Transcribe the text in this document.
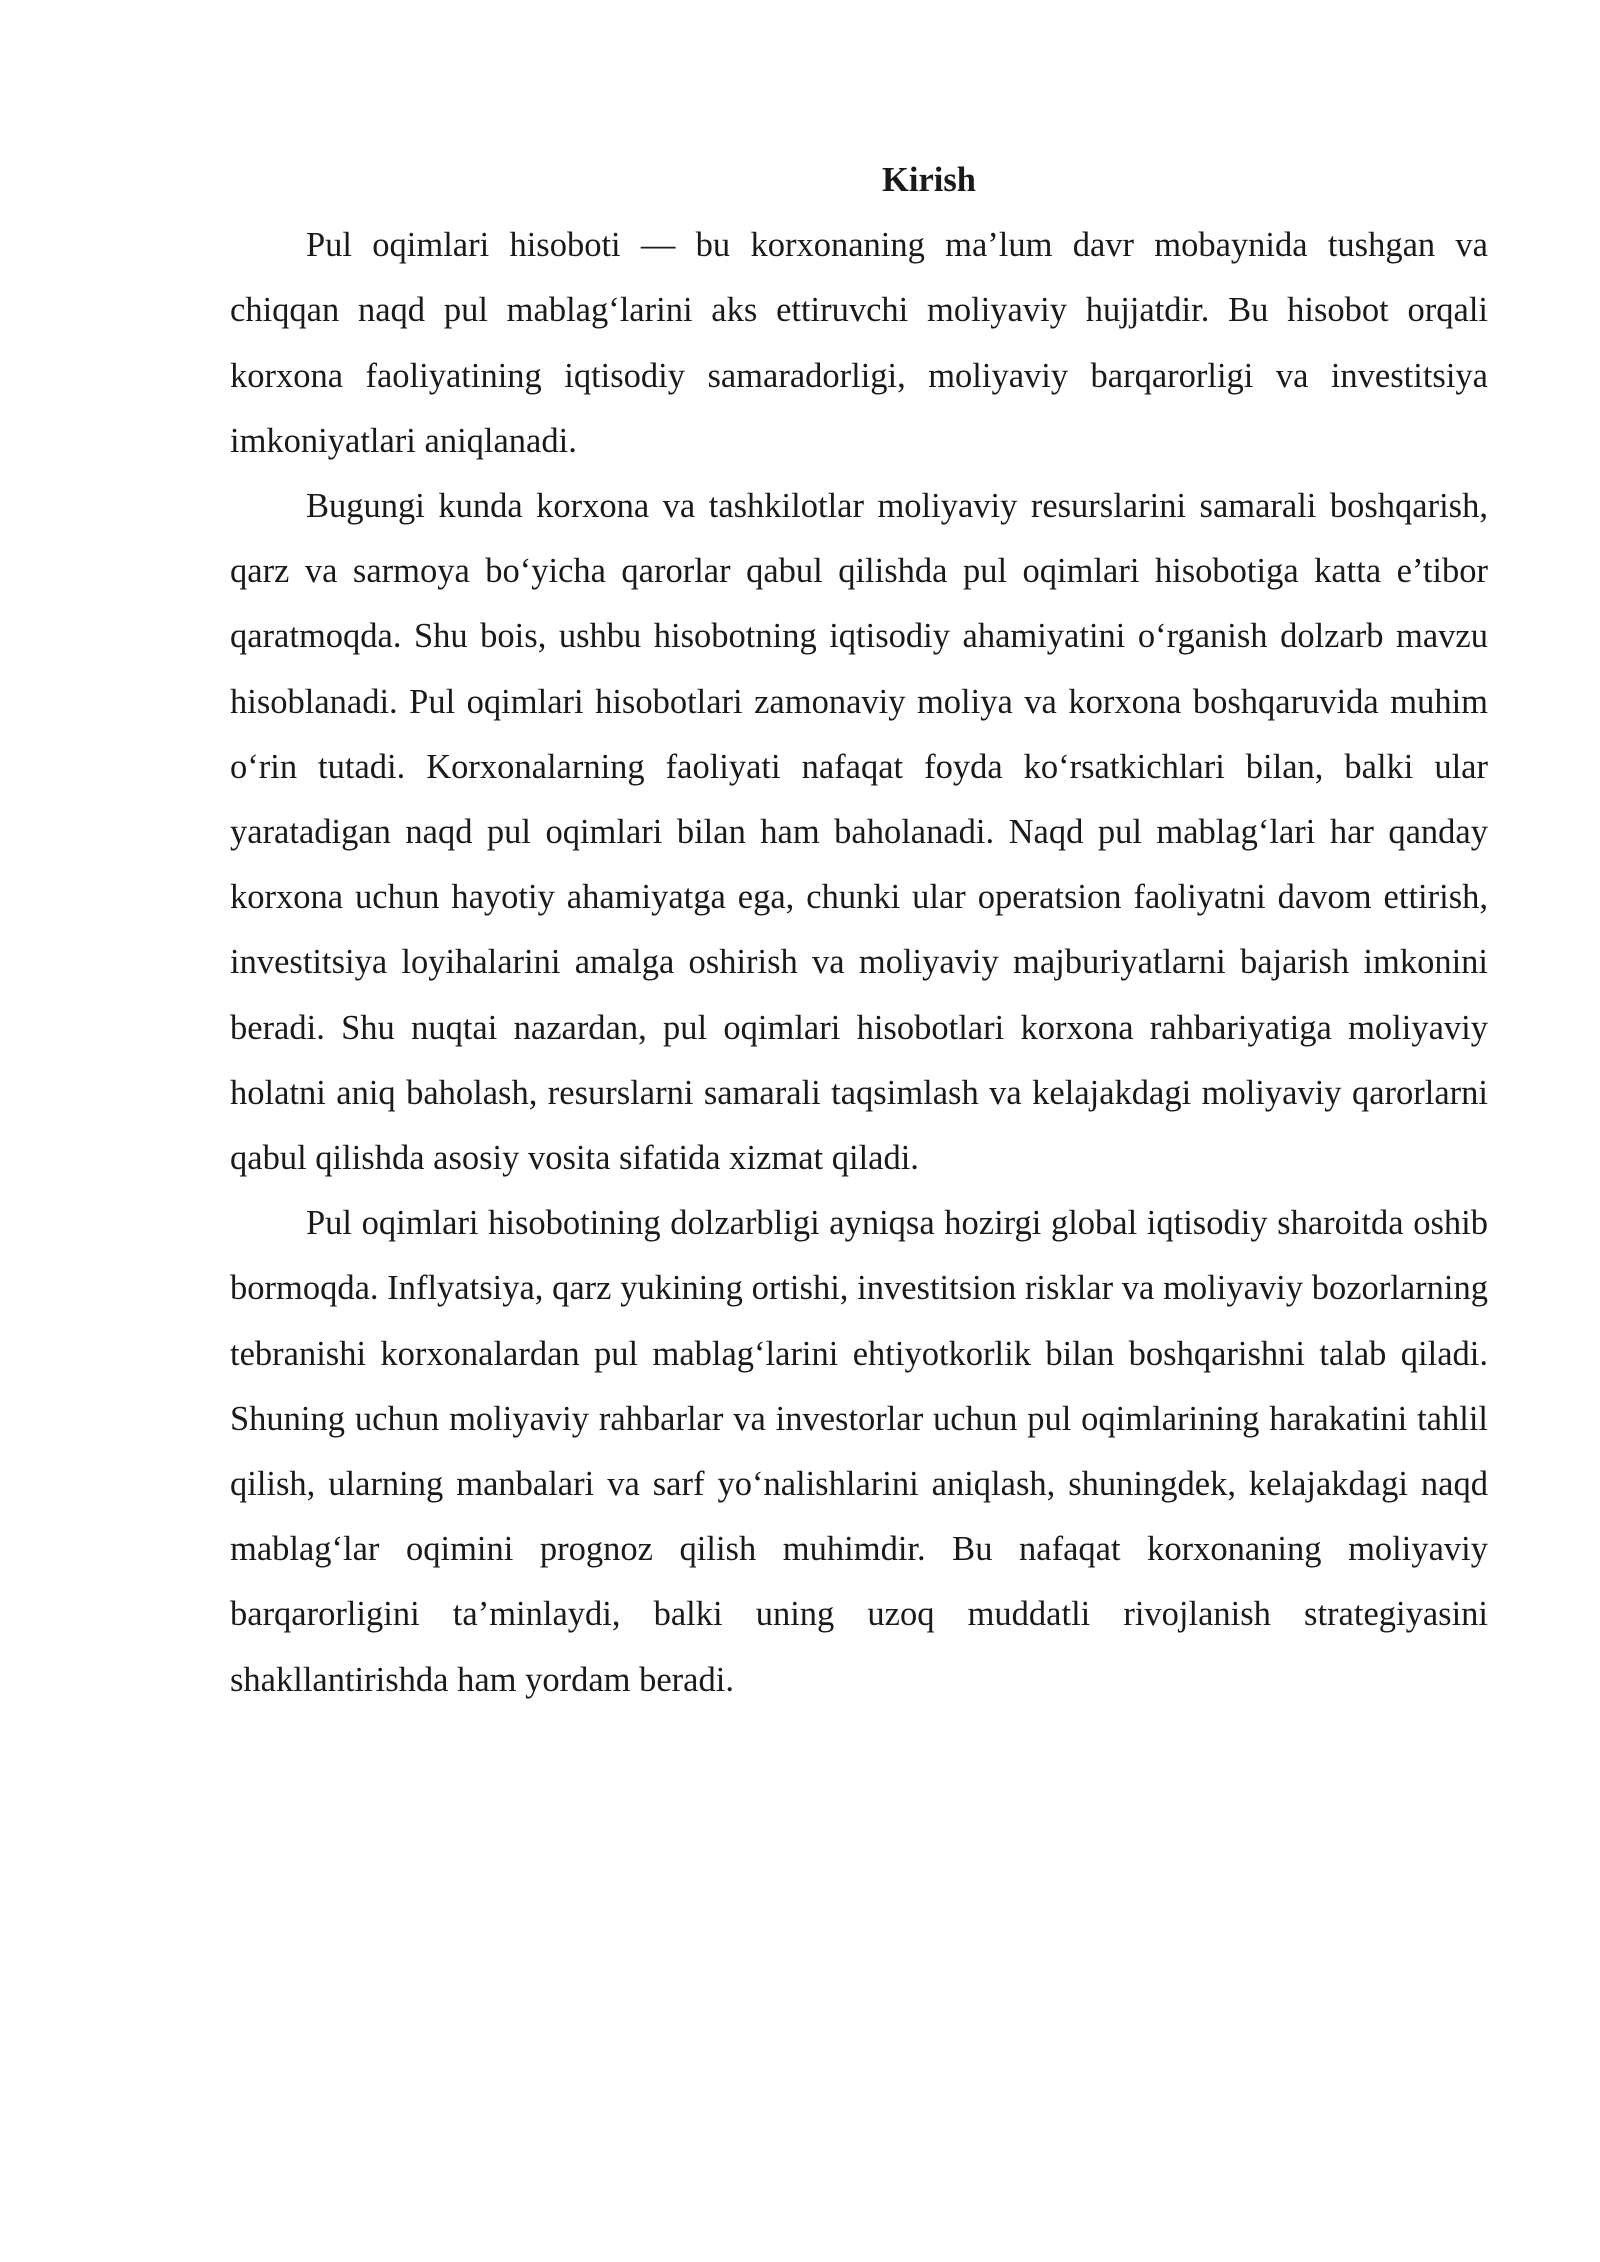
Kirish

Pul oqimlari hisoboti — bu korxonaning ma’lum davr mobaynida tushgan va chiqqan naqd pul mablag‘larini aks ettiruvchi moliyaviy hujjatdir. Bu hisobot orqali korxona faoliyatining iqtisodiy samaradorligi, moliyaviy barqarorligi va investitsiya imkoniyatlari aniqlanadi.

Bugungi kunda korxona va tashkilotlar moliyaviy resurslarini samarali boshqarish, qarz va sarmoya bo‘yicha qarorlar qabul qilishda pul oqimlari hisobotiga katta e’tibor qaratmoqda. Shu bois, ushbu hisobotning iqtisodiy ahamiyatini o‘rganish dolzarb mavzu hisoblanadi. Pul oqimlari hisobotlari zamonaviy moliya va korxona boshqaruvida muhim o‘rin tutadi. Korxonalarning faoliyati nafaqat foyda ko‘rsatkichlari bilan, balki ular yaratadigan naqd pul oqimlari bilan ham baholanadi. Naqd pul mablag‘lari har qanday korxona uchun hayotiy ahamiyatga ega, chunki ular operatsion faoliyatni davom ettirish, investitsiya loyihalarini amalga oshirish va moliyaviy majburiyatlarni bajarish imkonini beradi. Shu nuqtai nazardan, pul oqimlari hisobotlari korxona rahbariyatiga moliyaviy holatni aniq baholash, resurslarni samarali taqsimlash va kelajakdagi moliyaviy qarorlarni qabul qilishda asosiy vosita sifatida xizmat qiladi.

Pul oqimlari hisobotining dolzarbligi ayniqsa hozirgi global iqtisodiy sharoitda oshib bormoqda. Inflyatsiya, qarz yukining ortishi, investitsion risklar va moliyaviy bozorlarning tebranishi korxonalardan pul mablag‘larini ehtiyotkorlik bilan boshqarishni talab qiladi. Shuning uchun moliyaviy rahbarlar va investorlar uchun pul oqimlarining harakatini tahlil qilish, ularning manbalari va sarf yo‘nalishlarini aniqlash, shuningdek, kelajakdagi naqd mablag‘lar oqimini prognoz qilish muhimdir. Bu nafaqat korxonaning moliyaviy barqarorligini ta’minlaydi, balki uning uzoq muddatli rivojlanish strategiyasini shakllantirishda ham yordam beradi.
